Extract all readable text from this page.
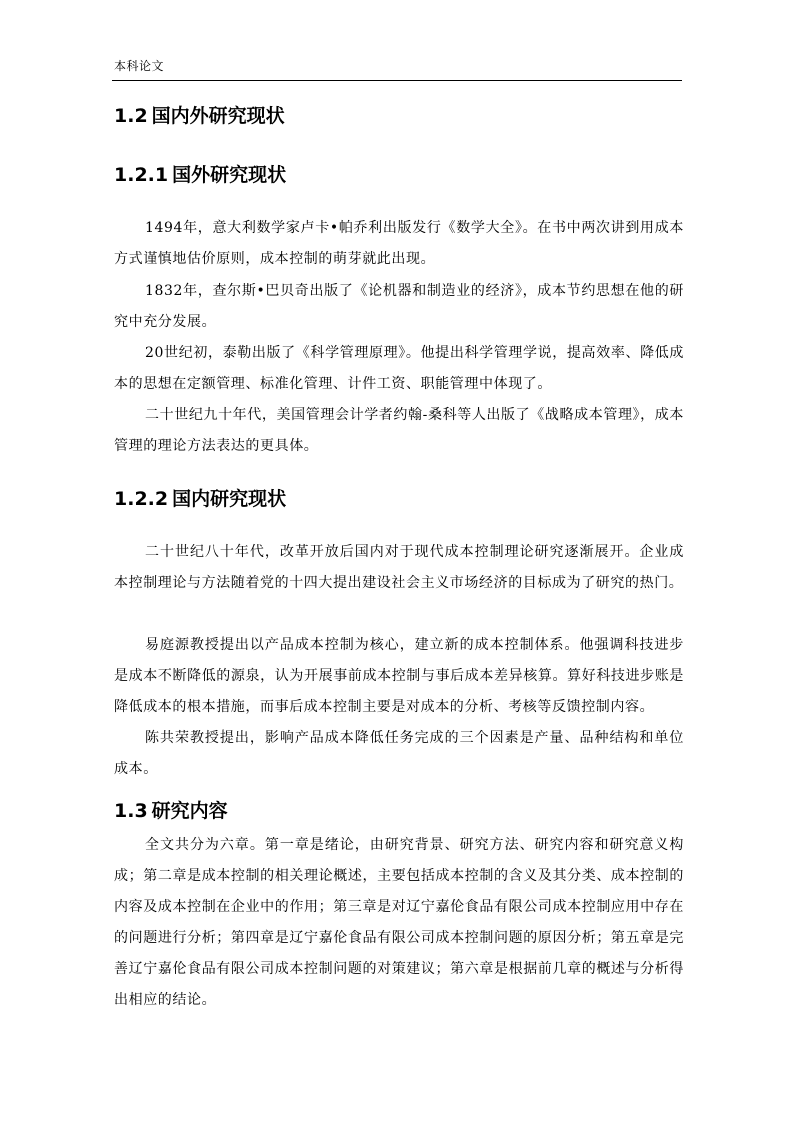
本科论文
1.2 国内外研究现状
1.2.1 国外研究现状

1494年，意大利数学家卢卡•帕乔利出版发行《数学大全》。在书中两次讲到用成本方式谨慎地估价原则，成本控制的萌芽就此出现。

1832年，查尔斯•巴贝奇出版了《论机器和制造业的经济》，成本节约思想在他的研究中充分发展。

20世纪初，泰勒出版了《科学管理原理》。他提出科学管理学说，提高效率、降低成本的思想在定额管理、标准化管理、计件工资、职能管理中体现了。

二十世纪九十年代，美国管理会计学者约翰-桑科等人出版了《战略成本管理》，成本管理的理论方法表达的更具体。

1.2.2 国内研究现状

二十世纪八十年代，改革开放后国内对于现代成本控制理论研究逐渐展开。企业成本控制理论与方法随着党的十四大提出建设社会主义市场经济的目标成为了研究的热门。

易庭源教授提出以产品成本控制为核心，建立新的成本控制体系。他强调科技进步是成本不断降低的源泉，认为开展事前成本控制与事后成本差异核算。算好科技进步账是降低成本的根本措施，而事后成本控制主要是对成本的分析、考核等反馈控制内容。

陈共荣教授提出，影响产品成本降低任务完成的三个因素是产量、品种结构和单位成本。

1.3 研究内容

全文共分为六章。第一章是绪论，由研究背景、研究方法、研究内容和研究意义构成；第二章是成本控制的相关理论概述，主要包括成本控制的含义及其分类、成本控制的内容及成本控制在企业中的作用；第三章是对辽宁嘉伦食品有限公司成本控制应用中存在的问题进行分析；第四章是辽宁嘉伦食品有限公司成本控制问题的原因分析；第五章是完善辽宁嘉伦食品有限公司成本控制问题的对策建议；第六章是根据前几章的概述与分析得出相应的结论。
